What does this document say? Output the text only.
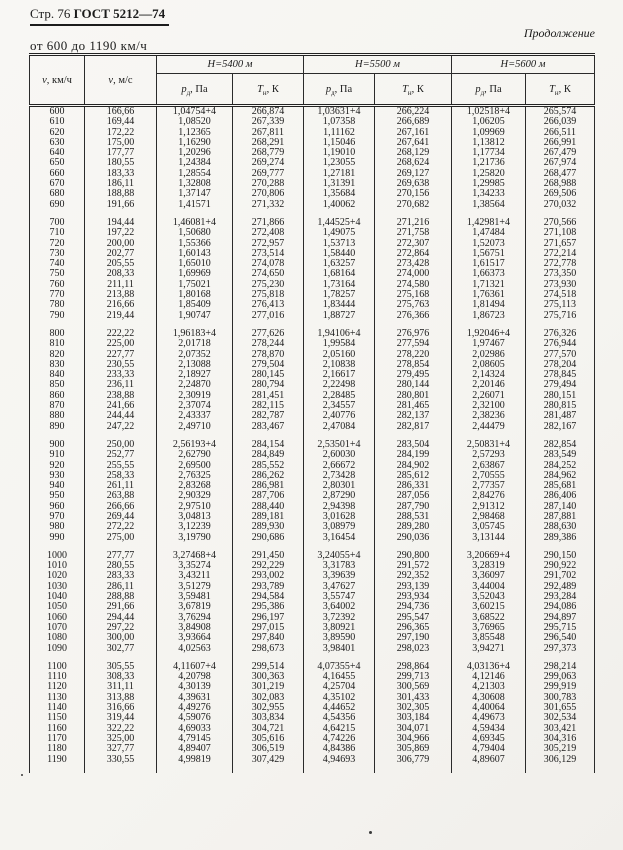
Стр. 76 ГОСТ 5212—74
Продолжение
от 600 до 1190 км/ч
v, км/ч	v, м/с	Н=5400 м		Н=5500 м		Н=5600 м	
		$р_д$, Па	$Т_н$, К	$р_д$, Па	$Т_н$, К	$р_д$, Па	$Т_н$, К
600	166,66	1,04754+4	266,874	1,03631+4	266,224	1,02518+4	265,574
610	169,44	1,08520	267,339	1,07358	266,689	1,06205	266,039
620	172,22	1,12365	267,811	1,11162	267,161	1,09969	266,511
630	175,00	1,16290	268,291	1,15046	267,641	1,13812	266,991
640	177,77	1,20296	268,779	1,19010	268,129	1,17734	267,479
650	180,55	1,24384	269,274	1,23055	268,624	1,21736	267,974
660	183,33	1,28554	269,777	1,27181	269,127	1,25820	268,477
670	186,11	1,32808	270,288	1,31391	269,638	1,29985	268,988
680	188,88	1,37147	270,806	1,35684	270,156	1,34233	269,506
690	191,66	1,41571	271,332	1,40062	270,682	1,38564	270,032

700	194,44	1,46081+4	271,866	1,44525+4	271,216	1,42981+4	270,566
710	197,22	1,50680	272,408	1,49075	271,758	1,47484	271,108
720	200,00	1,55366	272,957	1,53713	272,307	1,52073	271,657
730	202,77	1,60143	273,514	1,58440	272,864	1,56751	272,214
740	205,55	1,65010	274,078	1,63257	273,428	1,61517	272,778
750	208,33	1,69969	274,650	1,68164	274,000	1,66373	273,350
760	211,11	1,75021	275,230	1,73164	274,580	1,71321	273,930
770	213,88	1,80168	275,818	1,78257	275,168	1,76361	274,518
780	216,66	1,85409	276,413	1,83444	275,763	1,81494	275,113
790	219,44	1,90747	277,016	1,88727	276,366	1,86723	275,716

800	222,22	1,96183+4	277,626	1,94106+4	276,976	1,92046+4	276,326
810	225,00	2,01718	278,244	1,99584	277,594	1,97467	276,944
820	227,77	2,07352	278,870	2,05160	278,220	2,02986	277,570
830	230,55	2,13088	279,504	2,10838	278,854	2,08605	278,204
840	233,33	2,18927	280,145	2,16617	279,495	2,14324	278,845
850	236,11	2,24870	280,794	2,22498	280,144	2,20146	279,494
860	238,88	2,30919	281,451	2,28485	280,801	2,26071	280,151
870	241,66	2,37074	282,115	2,34557	281,465	2,32100	280,815
880	244,44	2,43337	282,787	2,40776	282,137	2,38236	281,487
890	247,22	2,49710	283,467	2,47084	282,817	2,44479	282,167

900	250,00	2,56193+4	284,154	2,53501+4	283,504	2,50831+4	282,854
910	252,77	2,62790	284,849	2,60030	284,199	2,57293	283,549
920	255,55	2,69500	285,552	2,66672	284,902	2,63867	284,252
930	258,33	2,76325	286,262	2,73428	285,612	2,70555	284,962
940	261,11	2,83268	286,981	2,80301	286,331	2,77357	285,681
950	263,88	2,90329	287,706	2,87290	287,056	2,84276	286,406
960	266,66	2,97510	288,440	2,94398	287,790	2,91312	287,140
970	269,44	3,04813	289,181	3,01628	288,531	2,98468	287,881
980	272,22	3,12239	289,930	3,08979	289,280	3,05745	288,630
990	275,00	3,19790	290,686	3,16454	290,036	3,13144	289,386

1000	277,77	3,27468+4	291,450	3,24055+4	290,800	3,20669+4	290,150
1010	280,55	3,35274	292,229	3,31783	291,572	3,28319	290,922
1020	283,33	3,43211	293,002	3,39639	292,352	3,36097	291,702
1030	286,11	3,51279	293,789	3,47627	293,139	3,44004	292,489
1040	288,88	3,59481	294,584	3,55747	293,934	3,52043	293,284
1050	291,66	3,67819	295,386	3,64002	294,736	3,60215	294,086
1060	294,44	3,76294	296,197	3,72392	295,547	3,68522	294,897
1070	297,22	3,84908	297,015	3,80921	296,365	3,76965	295,715
1080	300,00	3,93664	297,840	3,89590	297,190	3,85548	296,540
1090	302,77	4,02563	298,673	3,98401	298,023	3,94271	297,373

1100	305,55	4,11607+4	299,514	4,07355+4	298,864	4,03136+4	298,214
1110	308,33	4,20798	300,363	4,16455	299,713	4,12146	299,063
1120	311,11	4,30139	301,219	4,25704	300,569	4,21303	299,919
1130	313,88	4,39631	302,083	4,35102	301,433	4,30608	300,783
1140	316,66	4,49276	302,955	4,44652	302,305	4,40064	301,655
1150	319,44	4,59076	303,834	4,54356	303,184	4,49673	302,534
1160	322,22	4,69033	304,721	4,64215	304,071	4,59434	303,421
1170	325,00	4,79145	305,616	4,74226	304,966	4,69345	304,316
1180	327,77	4,89407	306,519	4,84386	305,869	4,79404	305,219
1190	330,55	4,99819	307,429	4,94693	306,779	4,89607	306,129
